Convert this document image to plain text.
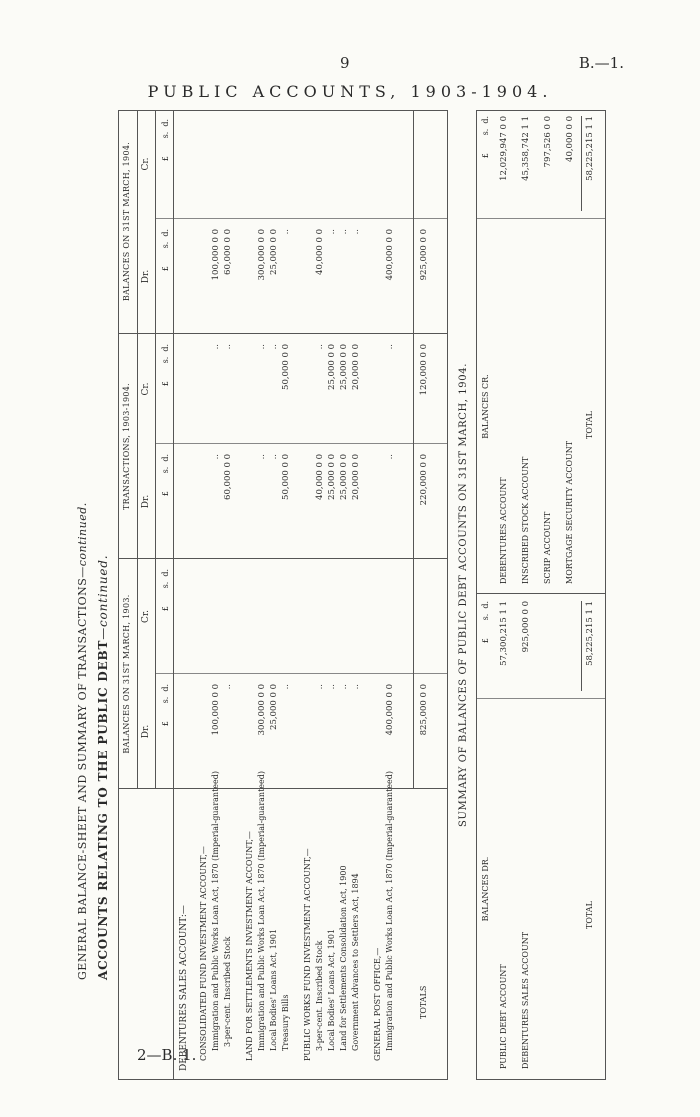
9	B.—1.
PUBLIC ACCOUNTS, 1903-1904.
2—B. 1.
GENERAL BALANCE-SHEET AND SUMMARY OF TRANSACTIONS—continued.
ACCOUNTS RELATING TO THE PUBLIC DEBT—continued. BALANCES ON 31ST MARCH, 1903.
TRANSACTIONS, 1903-1904.
BALANCES ON 31ST MARCH, 1904.
Dr.
Cr.
Dr.
Cr.
Dr.
Cr.
£       s.  d.
£       s.  d.
£       s.  d.
£       s.  d.
£       s.  d.
£       s.  d.
DEBENTURES SALES ACCOUNT:— CONSOLIDATED FUND INVESTMENT ACCOUNT,— Immigration and Public Works Loan Act, 1870 (Imperial-guaranteed)
100,000 0 0
..
..
100,000 0 0
3-per-cent. Inscribed Stock
..
60,000 0 0
..
60,000 0 0
LAND FOR SETTLEMENTS INVESTMENT ACCOUNT,— Immigration and Public Works Loan Act, 1870 (Imperial-guaranteed)
300,000 0 0
..
..
300,000 0 0
Local Bodies' Loans Act, 1901
25,000 0 0
..
..
25,000 0 0
Treasury Bills
..
50,000 0 0
50,000 0 0
..
PUBLIC WORKS FUND INVESTMENT ACCOUNT,— 3-per-cent. Inscribed Stock
..
40,000 0 0
..
40,000 0 0
Local Bodies' Loans Act, 1901
..
25,000 0 0
25,000 0 0
..
Land for Settlements Consolidation Act, 1900
..
25,000 0 0
25,000 0 0
..
Government Advances to Settlers Act, 1894
..
20,000 0 0
20,000 0 0
..
GENERAL POST OFFICE,— Immigration and Public Works Loan Act, 1870 (Imperial-guaranteed)
400,000 0 0
..
..
400,000 0 0
TOTALS
825,000 0 0
220,000 0 0
120,000 0 0
925,000 0 0
SUMMARY OF BALANCES OF PUBLIC DEBT ACCOUNTS ON 31ST MARCH, 1904.
BALANCES DR.
BALANCES CR.
£       s.  d.
£       s.  d.
PUBLIC DEBT ACCOUNT
57,300,215 1 1
DEBENTURES SALES ACCOUNT
925,000 0 0
TOTAL
58,225,215 1 1
DEBENTURES ACCOUNT
12,029,947 0 0
INSCRIBED STOCK ACCOUNT
45,358,742 1 1
SCRIP ACCOUNT
797,526 0 0
MORTGAGE SECURITY ACCOUNT
40,000 0 0
TOTAL
58,225,215 1 1
